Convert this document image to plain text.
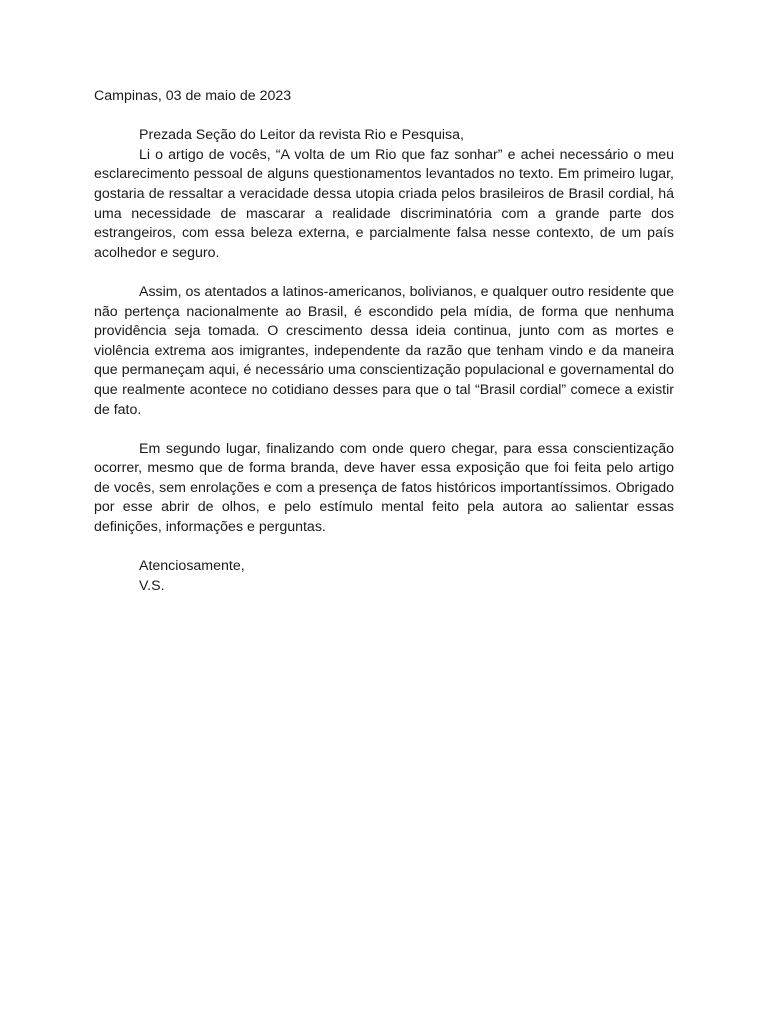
Campinas, 03 de maio de 2023

Prezada Seção do Leitor da revista Rio e Pesquisa,

Li o artigo de vocês, “A volta de um Rio que faz sonhar” e achei necessário o meu esclarecimento pessoal de alguns questionamentos levantados no texto. Em primeiro lugar, gostaria de ressaltar a veracidade dessa utopia criada pelos brasileiros de Brasil cordial, há uma necessidade de mascarar a realidade discriminatória com a grande parte dos estrangeiros, com essa beleza externa, e parcialmente falsa nesse contexto, de um país acolhedor e seguro.

Assim, os atentados a latinos-americanos, bolivianos, e qualquer outro residente que não pertença nacionalmente ao Brasil, é escondido pela mídia, de forma que nenhuma providência seja tomada. O crescimento dessa ideia continua, junto com as mortes e violência extrema aos imigrantes, independente da razão que tenham vindo e da maneira que permaneçam aqui, é necessário uma conscientização populacional e governamental do que realmente acontece no cotidiano desses para que o tal “Brasil cordial” comece a existir de fato.

Em segundo lugar, finalizando com onde quero chegar, para essa conscientização ocorrer, mesmo que de forma branda, deve haver essa exposição que foi feita pelo artigo de vocês, sem enrolações e com a presença de fatos históricos importantíssimos. Obrigado por esse abrir de olhos, e pelo estímulo mental feito pela autora ao salientar essas definições, informações e perguntas.

Atenciosamente,

V.S.
